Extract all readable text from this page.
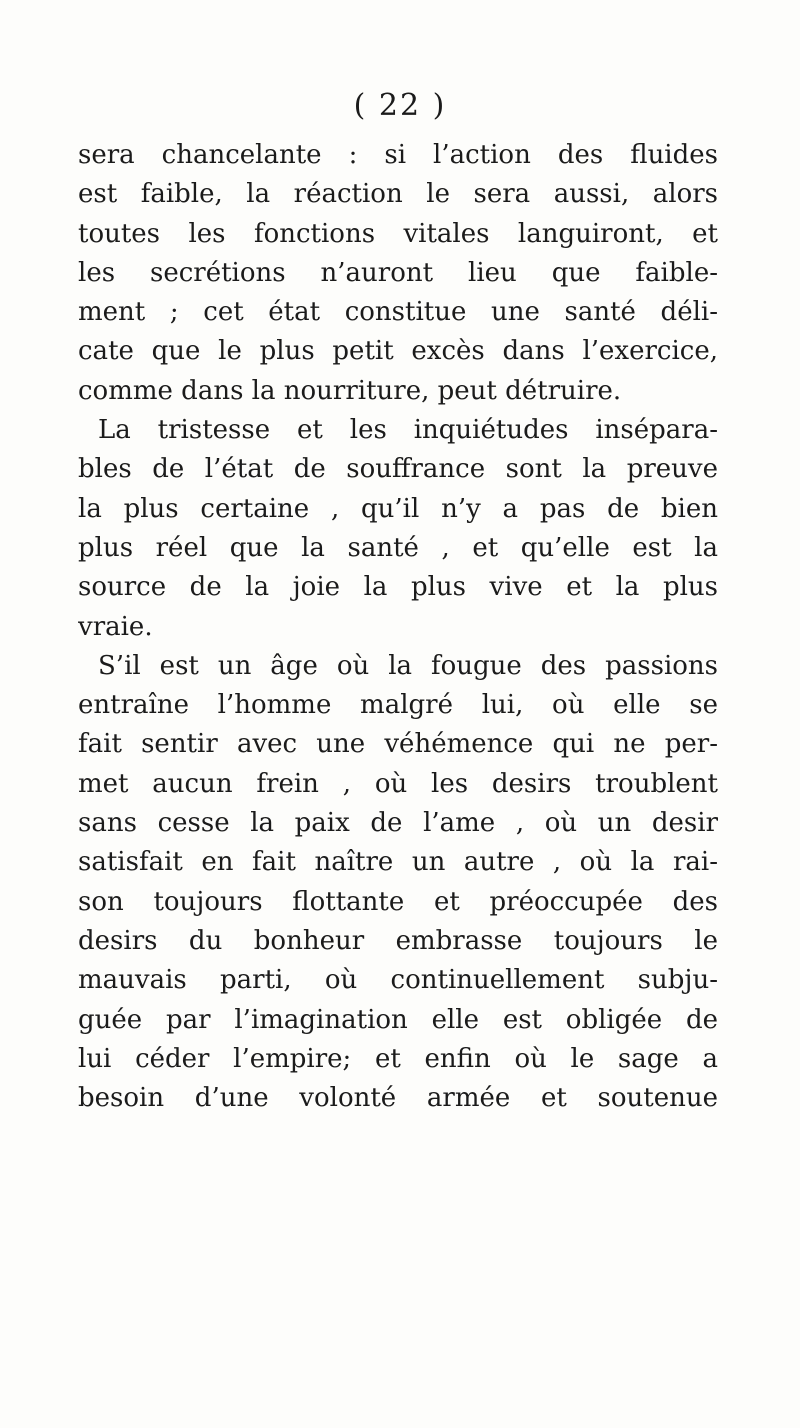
( 22 )
sera chancelante : si l’action des fluides
est faible, la réaction le sera aussi, alors
toutes les fonctions vitales languiront, et
les secrétions n’auront lieu que faible-
ment ; cet état constitue une santé déli-
cate que le plus petit excès dans l’exercice,
comme dans la nourriture, peut détruire.
La tristesse et les inquiétudes insépara-
bles de l’état de souffrance sont la preuve
la plus certaine , qu’il n’y a pas de bien
plus réel que la santé , et qu’elle est la
source de la joie la plus vive et la plus
vraie.
S’il est un âge où la fougue des passions
entraîne l’homme malgré lui, où elle se
fait sentir avec une véhémence qui ne per-
met aucun frein , où les desirs troublent
sans cesse la paix de l’ame , où un desir
satisfait en fait naître un autre , où la rai-
son toujours flottante et préoccupée des
desirs du bonheur embrasse toujours le
mauvais parti, où continuellement subju-
guée par l’imagination elle est obligée de
lui céder l’empire; et enfin où le sage a
besoin d’une volonté armée et soutenue
